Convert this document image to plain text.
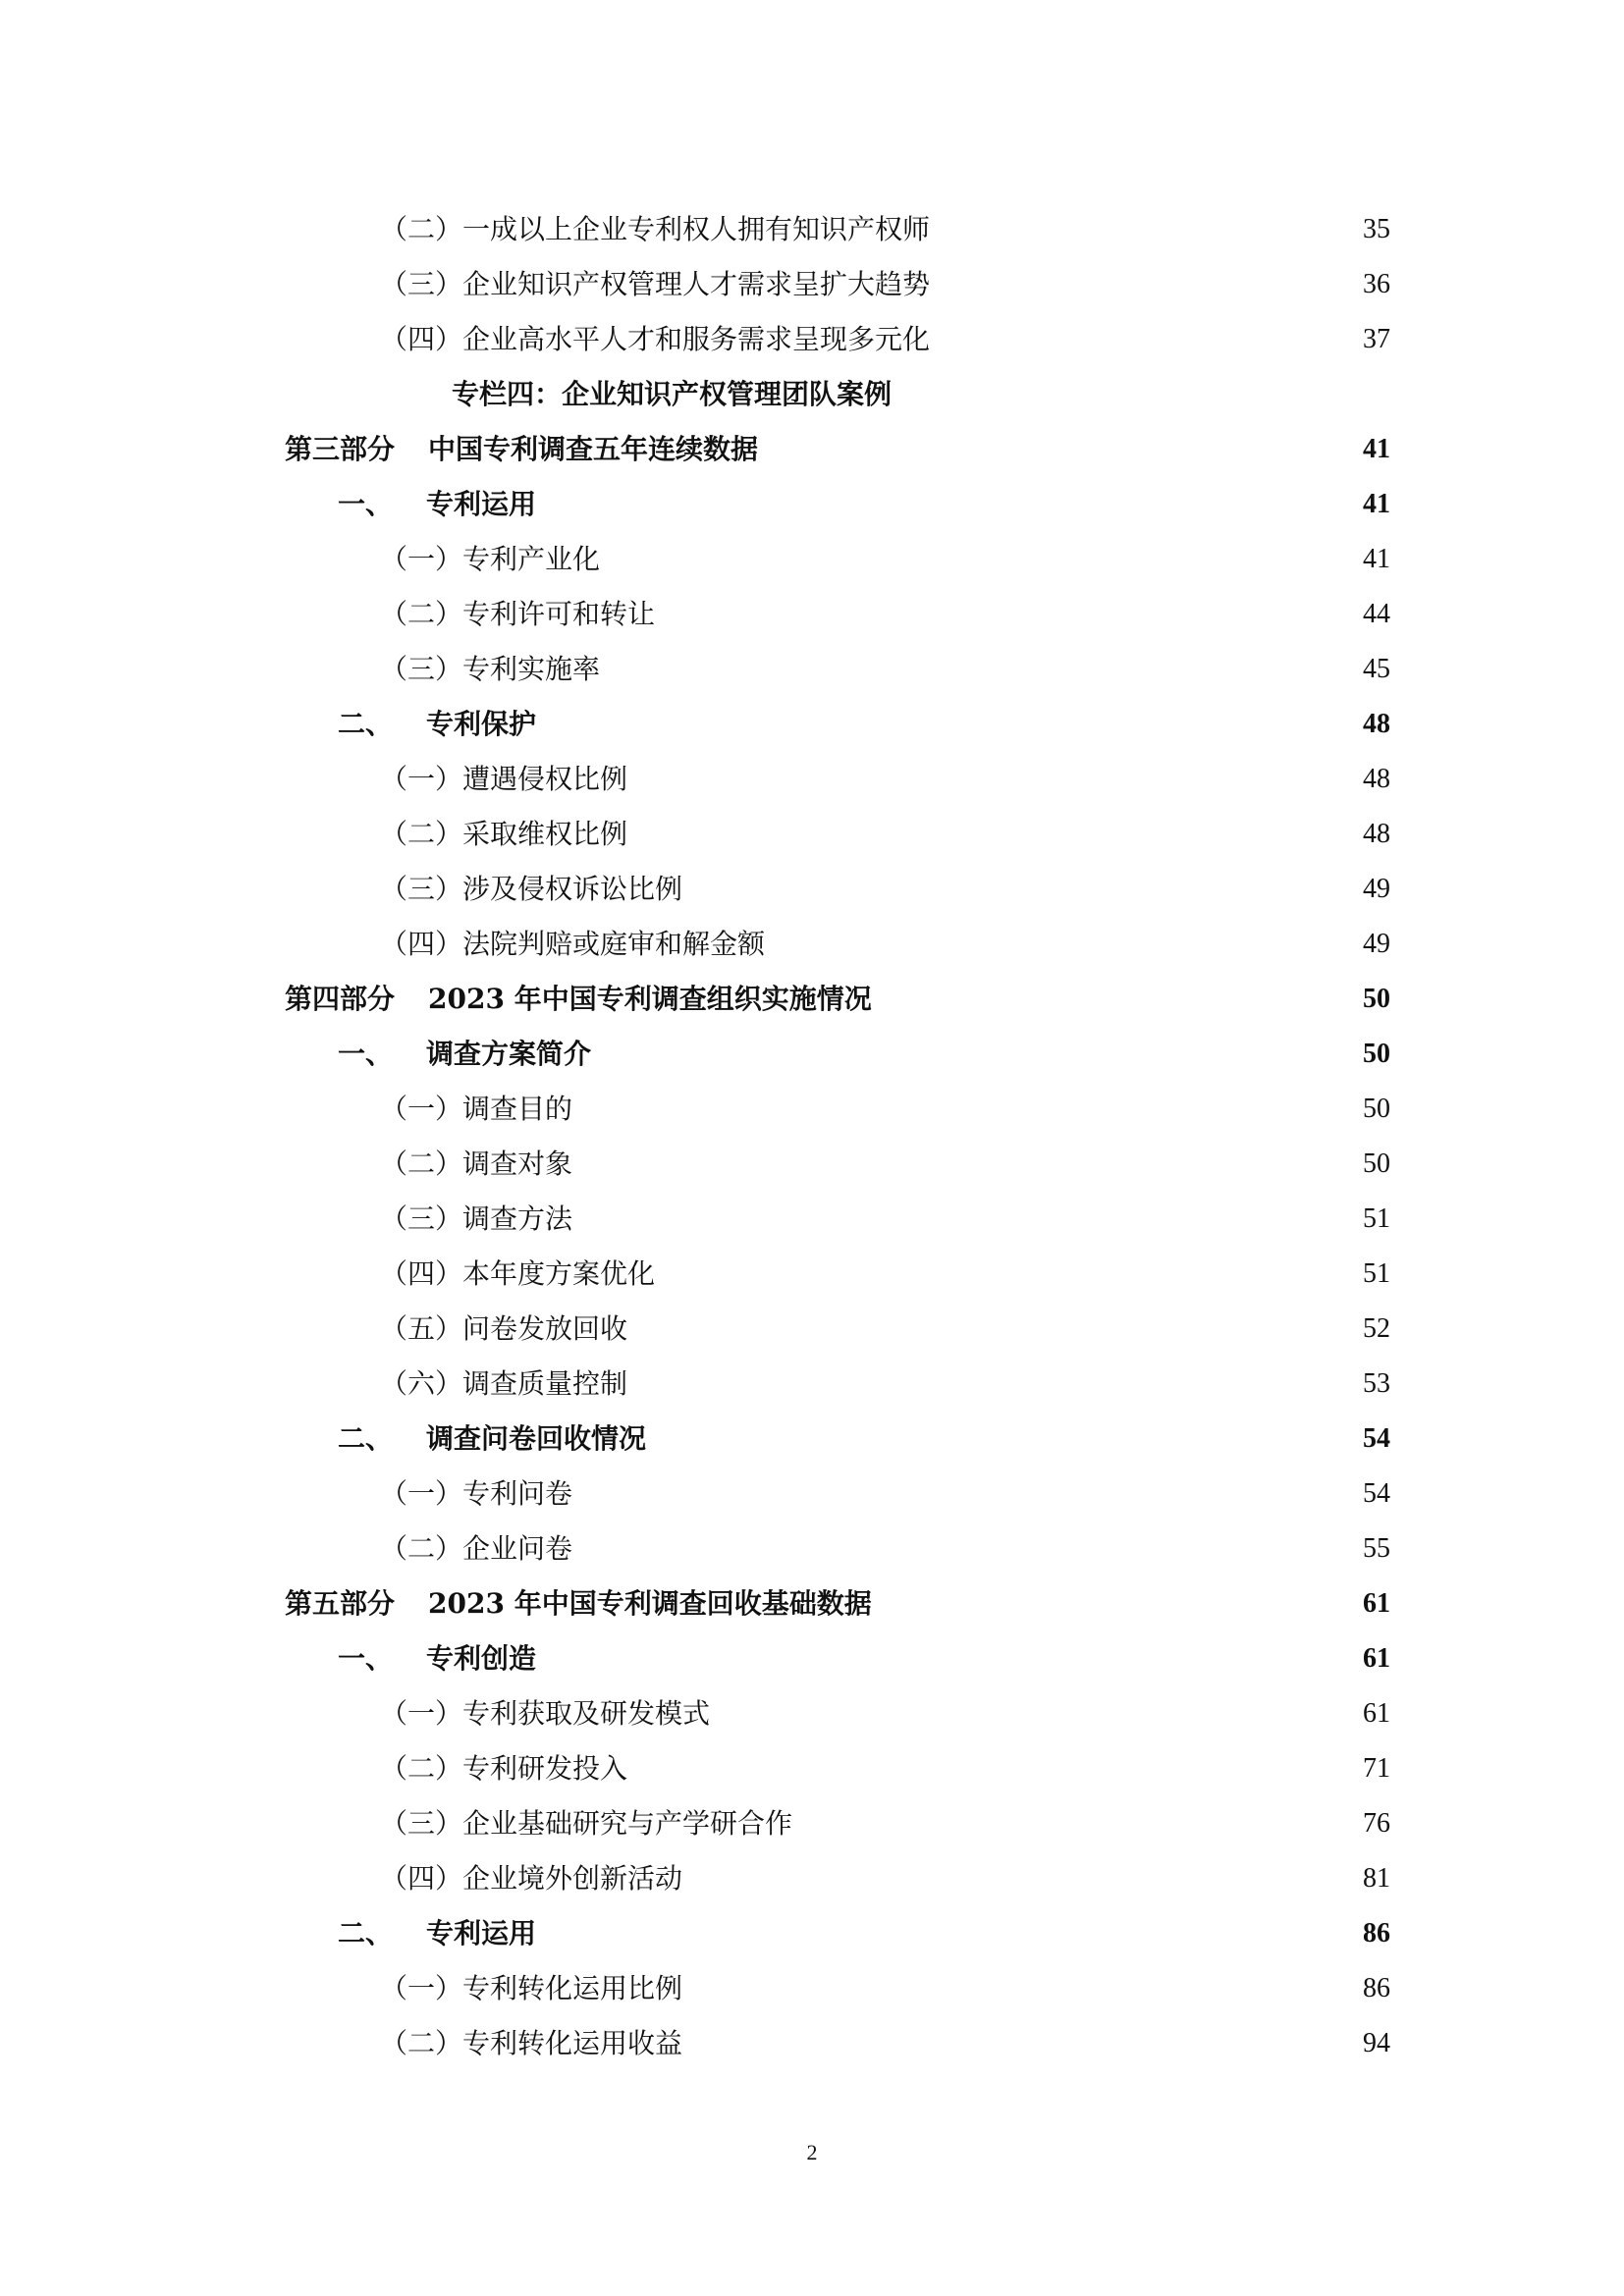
（二）一成以上企业专利权人拥有知识产权师	35
（三）企业知识产权管理人才需求呈扩大趋势	36
（四）企业高水平人才和服务需求呈现多元化	37
专栏四：企业知识产权管理团队案例
第三部分 中国专利调查五年连续数据	41
一、 专利运用	41
（一）专利产业化	41
（二）专利许可和转让	44
（三）专利实施率	45
二、 专利保护	48
（一）遭遇侵权比例	48
（二）采取维权比例	48
（三）涉及侵权诉讼比例	49
（四）法院判赔或庭审和解金额	49
第四部分 2023 年中国专利调查组织实施情况	50
一、 调查方案简介	50
（一）调查目的	50
（二）调查对象	50
（三）调查方法	51
（四）本年度方案优化	51
（五）问卷发放回收	52
（六）调查质量控制	53
二、 调查问卷回收情况	54
（一）专利问卷	54
（二）企业问卷	55
第五部分 2023 年中国专利调查回收基础数据	61
一、 专利创造	61
（一）专利获取及研发模式	61
（二）专利研发投入	71
（三）企业基础研究与产学研合作	76
（四）企业境外创新活动	81
二、 专利运用	86
（一）专利转化运用比例	86
（二）专利转化运用收益	94
2
